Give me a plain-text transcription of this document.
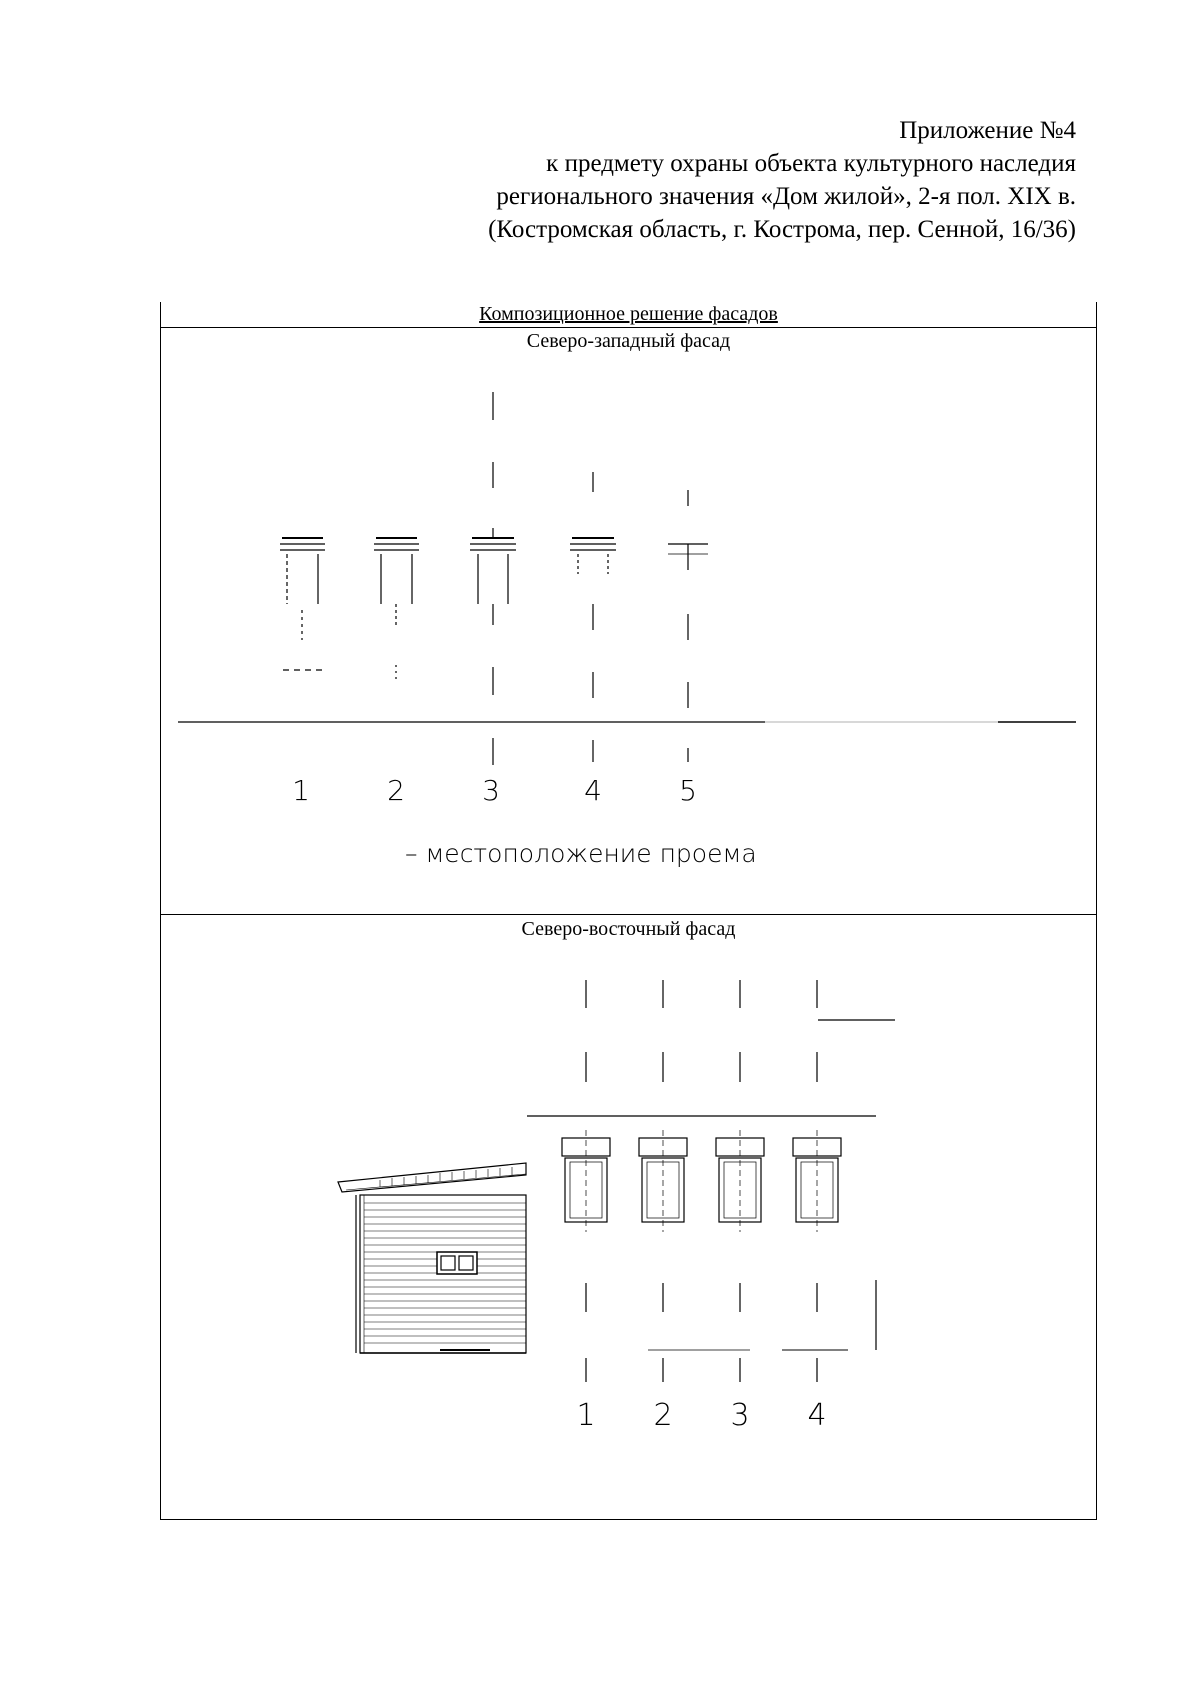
Приложение №4
к предмету охраны объекта культурного наследия
регионального значения «Дом жилой», 2-я пол. XIX в.
(Костромская область, г. Кострома, пер. Сенной, 16/36)
Композиционное решение фасадов
Северо-западный фасад
Северо-восточный фасад
1	2	3	4	5
– местоположение проема
1 2 3 4
